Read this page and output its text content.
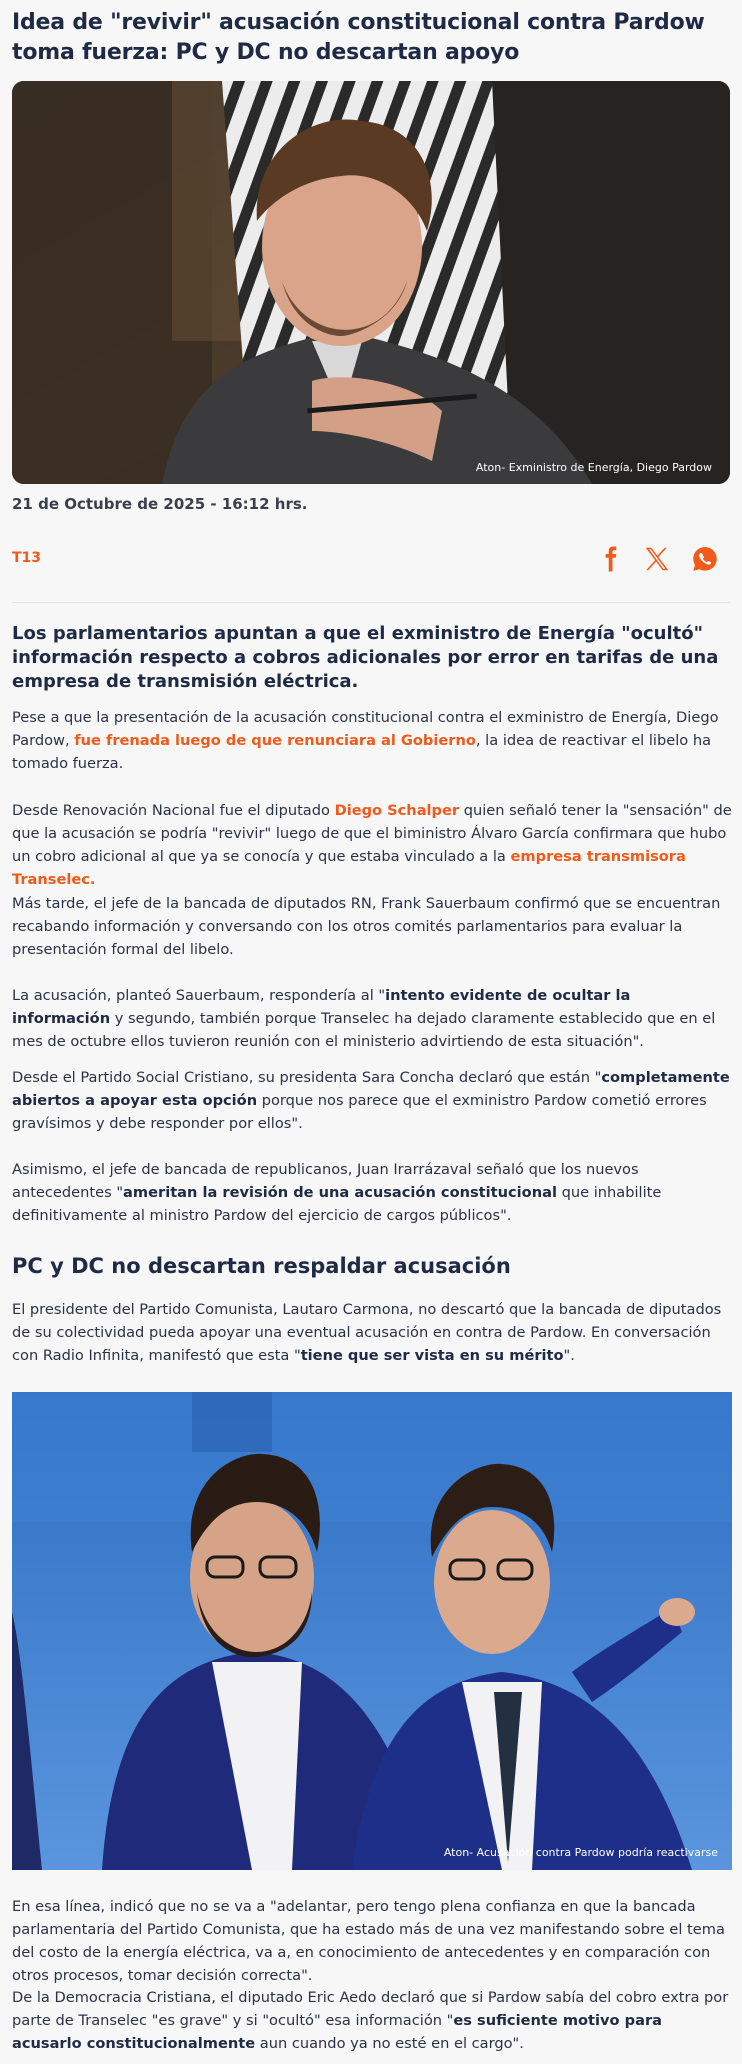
Idea de "revivir" acusación constitucional contra Pardow toma fuerza: PC y DC no descartan apoyo
Aton- Exministro de Energía, Diego Pardow
21 de Octubre de 2025 - 16:12 hrs.
T13
Los parlamentarios apuntan a que el exministro de Energía "ocultó" información respecto a cobros adicionales por error en tarifas de una empresa de transmisión eléctrica.

Pese a que la presentación de la acusación constitucional contra el exministro de Energía, Diego Pardow, fue frenada luego de que renunciara al Gobierno, la idea de reactivar el libelo ha tomado fuerza.

Desde Renovación Nacional fue el diputado Diego Schalper quien señaló tener la "sensación" de que la acusación se podría "revivir" luego de que el biministro Álvaro García confirmara que hubo un cobro adicional al que ya se conocía y que estaba vinculado a la empresa transmisora Transelec.

Más tarde, el jefe de la bancada de diputados RN, Frank Sauerbaum confirmó que se encuentran recabando información y conversando con los otros comités parlamentarios para evaluar la presentación formal del libelo.

La acusación, planteó Sauerbaum, respondería al "intento evidente de ocultar la información y segundo, también porque Transelec ha dejado claramente establecido que en el mes de octubre ellos tuvieron reunión con el ministerio advirtiendo de esta situación".

Desde el Partido Social Cristiano, su presidenta Sara Concha declaró que están "completamente abiertos a apoyar esta opción porque nos parece que el exministro Pardow cometió errores gravísimos y debe responder por ellos".

Asimismo, el jefe de bancada de republicanos, Juan Irarrázaval señaló que los nuevos antecedentes "ameritan la revisión de una acusación constitucional que inhabilite definitivamente al ministro Pardow del ejercicio de cargos públicos".

PC y DC no descartan respaldar acusación

El presidente del Partido Comunista, Lautaro Carmona, no descartó que la bancada de diputados de su colectividad pueda apoyar una eventual acusación en contra de Pardow. En conversación con Radio Infinita, manifestó que esta "tiene que ser vista en su mérito".

Aton- Acusación contra Pardow podría reactivarse

En esa línea, indicó que no se va a "adelantar, pero tengo plena confianza en que la bancada parlamentaria del Partido Comunista, que ha estado más de una vez manifestando sobre el tema del costo de la energía eléctrica, va a, en conocimiento de antecedentes y en comparación con otros procesos, tomar decisión correcta".

De la Democracia Cristiana, el diputado Eric Aedo declaró que si Pardow sabía del cobro extra por parte de Transelec "es grave" y si "ocultó" esa información "es suficiente motivo para acusarlo constitucionalmente aun cuando ya no esté en el cargo".
